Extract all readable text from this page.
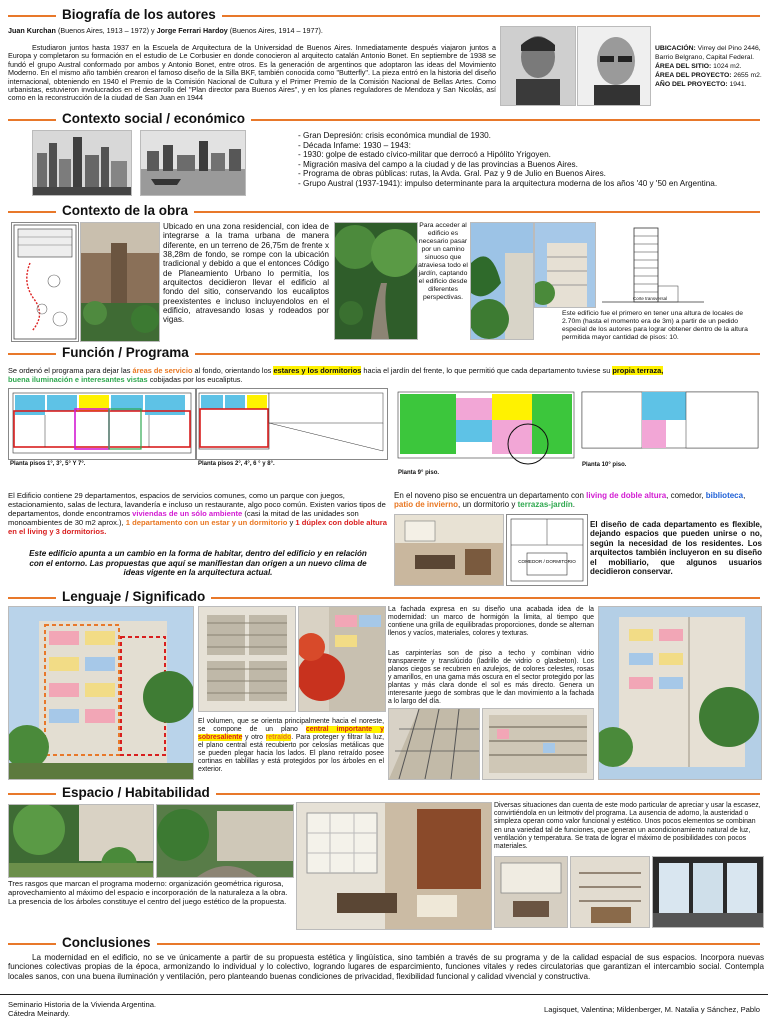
Biografía de los autores
Juan Kurchan (Buenos Aires, 1913 – 1972) y Jorge Ferrari Hardoy (Buenos Aires, 1914 – 1977).
Estudiaron juntos hasta 1937 en la Escuela de Arquitectura de la Universidad de Buenos Aires. Inmediatamente después viajaron juntos a Europa y completaron su formación en el estudio de Le Corbusier en donde conocieron al arquitecto catalán Antonio Bonet. En septiembre de 1938 se fundó el grupo Austral conformado por ambos y Antonio Bonet, entre otros. Es la generación de argentinos que adoptaron las ideas del Movimiento Moderno. En el mismo año también crearon el famoso diseño de la Silla BKF, también conocida como "Butterfly". La pieza entró en la historia del diseño internacional, obteniendo en 1940 el Premio de la Comisión Nacional de Cultura y el Primer Premio de la Comisión Nacional de Bellas Artes. Como urbanistas, estuvieron involucrados en el desarrollo del "Plan director para Buenos Aires", y en los planes reguladores de Mendoza y San Nicolás, así como en la reconstrucción de la ciudad de San Juan en 1944
UBICACIÓN: Virrey del Pino 2446, Barrio Belgrano, Capital Federal.
ÁREA DEL SITIO: 1024 m2.
ÁREA DEL PROYECTO: 2655 m2.
AÑO DEL PROYECTO: 1941.
Contexto social / económico
- Gran Depresión: crisis económica mundial de 1930.
- Década Infame: 1930 – 1943:
- 1930: golpe de estado cívico-militar que derrocó a Hipólito Yrigoyen.
- Migración masiva del campo a la ciudad y de las provincias a Buenos Aires.
- Programa de obras públicas: rutas, la Avda. Gral. Paz y 9 de Julio en Buenos Aires.
- Grupo Austral (1937-1941): impulso determinante para la arquitectura moderna de los años '40 y '50 en Argentina.
Contexto de la obra
Ubicado en una zona residencial, con idea de integrarse a la trama urbana de manera diferente, en un terreno de 26,75m de frente x 38,28m de fondo, se rompe con la ubicación tradicional y debido a que el entonces Código de Planeamiento Urbano lo permitía, los arquitectos decidieron llevar el edificio al fondo del sitio, conservando los eucaliptos preexistentes e incluso incluyendolos en el edificio, atravesando losas y rodeados por vigas.
Para acceder al edificio es necesario pasar por un camino sinuoso que atraviesa todo el jardín, captando el edificio desde diferentes perspectivas.	Corte transversal
Este edificio fue el primero en tener una altura de locales de 2.70m (hasta el momento era de 3m) a partir de un pedido especial de los autores para lograr obtener dentro de la altura permitida mayor cantidad de pisos: 10.
Función / Programa
Se ordenó el programa para dejar las áreas de servicio al fondo, orientando los estares y los dormitorios hacia el jardín del frente, lo que permitió que cada departamento tuviese su propia terraza,
buena iluminación e interesantes vistas cobijadas por los eucaliptus.
Planta pisos 1°, 3°, 5° Y 7°.	Planta pisos 2°, 4°, 6 ° y 8°.
Planta 9° piso.
Planta 10° piso.
El Edificio contiene 29 departamentos, espacios de servicios comunes, como un parque con juegos, estacionamiento, salas de lectura, lavandería e incluso un restaurante, algo poco común. Existen varios tipos de departamentos, donde encontramos viviendas de un sólo ambiente (casi la mitad de las unidades son monoambientes de 30 m2 aprox.), 1 departamento con un estar y un dormitorio y 1 dúplex con doble altura en el living y 3 dormitorios.
Este edificio apunta a un cambio en la forma de habitar, dentro del edificio y en relación con el entorno. Las propuestas que aquí se manifiestan dan origen a un nuevo clima de ideas vigente en la arquitectura actual.
En el noveno piso se encuentra un departamento con living de doble altura, comedor, biblioteca, patio de invierno, un dormitorio y terrazas-jardín.
COMEDOR / DORMITORIO
El diseño de cada departamento es flexible, dejando espacios que pueden unirse o no, según la necesidad de los residentes. Los arquitectos también incluyeron en su diseño el mobiliario, que algunos usuarios decidieron conservar.
Lenguaje / Significado
La fachada expresa en su diseño una acabada idea de la modernidad: un marco de hormigón la limita, al tiempo que contiene una grilla de equilibradas proporciones, donde se alternan llenos y vacíos, materiales, colores y texturas.
Las carpinterías son de piso a techo y combinan vidrio transparente y translúcido (ladrillo de vidrio o glasbeton). Los planos ciegos se recubren en azulejos, de colores celestes, rosas y amarillos, en una gama más oscura en el sector protegido por las plantas y más clara donde el sol es más directo. Genera un interesante juego de sombras que le dan movimiento a la fachada a lo largo del día.
El volumen, que se orienta principalmente hacia el noreste, se compone de un plano central importante y sobresaliente y otro retraído. Para proteger y filtrar la luz, el plano central está recubierto por celosías metálicas que se pueden plegar hacia los lados. El plano retraído posee cortinas en tablillas y está protegidos por los árboles en el exterior.
Espacio / Habitabilidad
Tres rasgos que marcan el programa moderno: organización geométrica rigurosa, aprovechamiento al máximo del espacio e incorporación de la naturaleza a la obra. La presencia de los árboles constituye el centro del juego estético de la propuesta.
Diversas situaciones dan cuenta de este modo particular de apreciar y usar la escasez, convirtiéndola en un leitmotiv del programa. La ausencia de adorno, la austeridad o simpleza operan como valor funcional y estético. Unos pocos elementos se combinan en una variedad tal de funciones, que generan un acondicionamiento natural de luz, ventilación y temperatura. Se trata de lograr el máximo de posibilidades con pocos materiales.
Conclusiones
La modernidad en el edificio, no se ve únicamente a partir de su propuesta estética y lingüística, sino también a través de su programa y de la calidad espacial de sus espacios. Incorpora nuevas funciones colectivas propias de la época, armonizando lo individual y lo colectivo, logrando lugares de esparcimiento, funciones vitales y redes circulatorias que garantizan el intercambio social. Contempla locales sanos, con una buena iluminación y ventilación, pero planteando buenas condiciones de privacidad, flexibilidad funcional y calidad vivencial y constructiva.
Seminario Historia de la Vivienda Argentina.
Cátedra Meinardy.	Lagisquet, Valentina; Mildenberger, M. Natalia y Sánchez, Pablo
